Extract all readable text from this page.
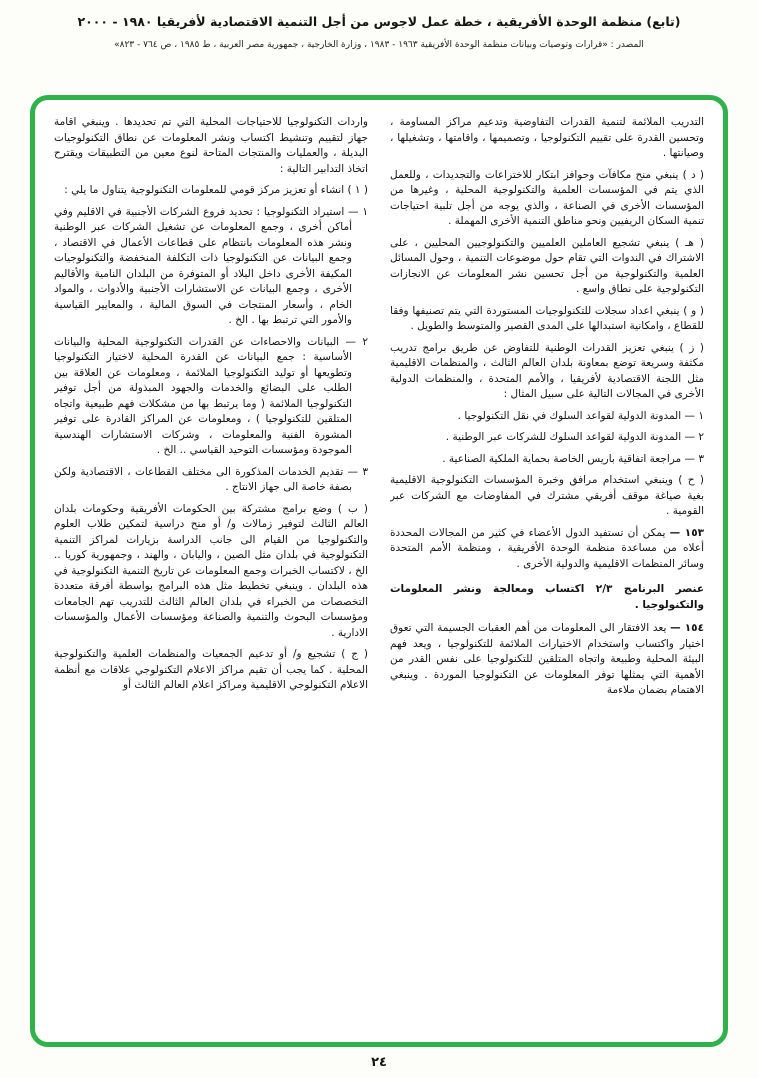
(تابع) منظمة الوحدة الأفريقية ، خطة عمل لاجوس من أجل التنمية الاقتصادية لأفريقيا ١٩٨٠ - ٢٠٠٠
المصدر : «قرارات وتوصيات وبيانات منظمة الوحدة الأفريقية ١٩٦٣ - ١٩٨٣ ، وزارة الخارجية ، جمهورية مصر العربية ، ط ١٩٨٥ ، ص ٧٦٤ - ٨٢٣»

التدريب الملائمة لتنمية القدرات التفاوضية وتدعيم مراكز المساومة ، وتحسين القدرة على تقييم التكنولوجيا ، وتصميمها ، واقامتها ، وتشغيلها ، وصيانتها .

( د ) ينبغي منح مكافآت وحوافز ابتكار للاختراعات والتجديدات ، وللعمل الذي يتم في المؤسسات العلمية والتكنولوجية المحلية ، وغيرها من المؤسسات الأخرى في الصناعة ، والذي يوجه من أجل تلبية احتياجات تنمية السكان الريفيين ونحو مناطق التنمية الأخرى المهملة .

( هـ ) ينبغي تشجيع العاملين العلميين والتكنولوجيين المحليين ، على الاشتراك في الندوات التي تقام حول موضوعات التنمية ، وحول المسائل العلمية والتكنولوجية من أجل تحسين نشر المعلومات عن الانجازات التكنولوجية على نطاق واسع .

( و ) ينبغي اعداد سجلات للتكنولوجيات المستوردة التي يتم تصنيفها وفقا للقطاع ، وامكانية استبدالها على المدى القصير والمتوسط والطويل .

( ز ) ينبغي تعزيز القدرات الوطنية للتفاوض عن طريق برامج تدريب مكثفة وسريعة توضع بمعاونة بلدان العالم الثالث ، والمنظمات الاقليمية مثل اللجنة الاقتصادية لأفريقيا ، والأمم المتحدة ، والمنظمات الدولية الأخرى في المجالات التالية على سبيل المثال :

١ — المدونة الدولية لقواعد السلوك في نقل التكنولوجيا .

٢ — المدونة الدولية لقواعد السلوك للشركات عبر الوطنية .

٣ — مراجعة اتفاقية باريس الخاصة بحماية الملكية الصناعية .

( ح ) وينبغي استخدام مرافق وخبرة المؤسسات التكنولوجية الاقليمية بغية صياغة موقف أفريقي مشترك في المفاوضات مع الشركات عبر القومية .

١٥٣ — يمكن أن تستفيد الدول الأعضاء في كثير من المجالات المحددة أعلاه من مساعدة منظمة الوحدة الأفريقية ، ومنظمة الأمم المتحدة وسائر المنظمات الاقليمية والدولية الأخرى .

عنصر البرنامج ٢/٣ اكتساب ومعالجة ونشر المعلومات والتكنولوجيا .

١٥٤ — يعد الافتقار الى المعلومات من أهم العقبات الجسيمة التي تعوق اختيار واكتساب واستخدام الاختيارات الملائمة للتكنولوجيا ، ويعد فهم البيئة المحلية وطبيعة واتجاه المتلقين للتكنولوجيا على نفس القدر من الأهمية التي يمثلها توفر المعلومات عن التكنولوجيا الموردة . وينبغي الاهتمام بضمان ملاءمة

واردات التكنولوجيا للاحتياجات المحلية التي تم تحديدها . وينبغي اقامة جهاز لتقييم وتنشيط اكتساب ونشر المعلومات عن نطاق التكنولوجيات البديلة ، والعمليات والمنتجات المتاحة لنوع معين من التطبيقات ويقترح اتخاذ التدابير التالية :

( ١ ) انشاء أو تعزيز مركز قومي للمعلومات التكنولوجية يتناول ما يلي :

١ — استيراد التكنولوجيا : تحديد فروع الشركات الأجنبية في الاقليم وفي أماكن أخرى ، وجمع المعلومات عن تشغيل الشركات عبر الوطنية ونشر هذه المعلومات بانتظام على قطاعات الأعمال في الاقتصاد ، وجمع البيانات عن التكنولوجيا ذات التكلفة المنخفضة والتكنولوجيات المكيفة الأخرى داخل البلاد أو المتوفرة من البلدان النامية والأقاليم الأخرى ، وجمع البيانات عن الاستشارات الأجنبية والأدوات ، والمواد الخام ، وأسعار المنتجات في السوق المالية ، والمعايير القياسية والأمور التي ترتبط بها . الخ .

٢ — البيانات والاحصاءات عن القدرات التكنولوجية المحلية والبيانات الأساسية : جمع البيانات عن القدرة المحلية لاختيار التكنولوجيا وتطويعها أو توليد التكنولوجيا الملائمة ، ومعلومات عن العلاقة بين الطلب على البضائع والخدمات والجهود المبذولة من أجل توفير التكنولوجيا الملائمة ( وما يرتبط بها من مشكلات فهم طبيعية واتجاه المتلقين للتكنولوجيا ) ، ومعلومات عن المراكز القادرة على توفير المشورة الفنية والمعلومات ، وشركات الاستشارات الهندسية الموجودة ومؤسسات التوحيد القياسي .. الخ .

٣ — تقديم الخدمات المذكورة الى مختلف القطاعات ، الاقتصادية ولكن بصفة خاصة الى جهاز الانتاج .

( ب ) وضع برامج مشتركة بين الحكومات الأفريقية وحكومات بلدان العالم الثالث لتوفير زمالات و/ أو منح دراسية لتمكين طلاب العلوم والتكنولوجيا من القيام الى جانب الدراسة بزيارات لمراكز التنمية التكنولوجية في بلدان مثل الصين ، واليابان ، والهند ، وجمهورية كوريا .. الخ ، لاكتساب الخبرات وجمع المعلومات عن تاريخ التنمية التكنولوجية في هذه البلدان . وينبغي تخطيط مثل هذه البرامج بواسطة أفرقة متعددة التخصصات من الخبراء في بلدان العالم الثالث للتدريب تهم الجامعات ومؤسسات البحوث والتنمية والصناعة ومؤسسات الأعمال والمؤسسات الادارية .

( ج ) تشجيع و/ أو تدعيم الجمعيات والمنظمات العلمية والتكنولوجية المحلية . كما يجب أن تقيم مراكز الاعلام التكنولوجي علاقات مع أنظمة الاعلام التكنولوجي الاقليمية ومراكز اعلام العالم الثالث أو

٢٤
